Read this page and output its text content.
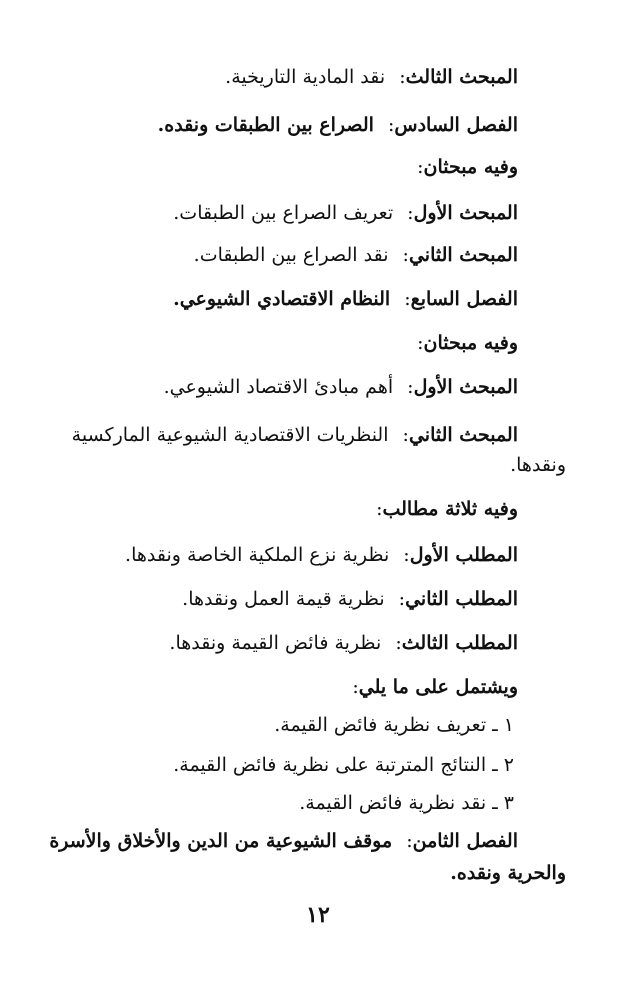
المبحث الثالث: نقد المادية التاريخية.
الفصل السادس: الصراع بين الطبقات ونقده.
وفيه مبحثان:
المبحث الأول: تعريف الصراع بين الطبقات.
المبحث الثاني: نقد الصراع بين الطبقات.
الفصل السابع: النظام الاقتصادي الشيوعي.
وفيه مبحثان:
المبحث الأول: أهم مبادئ الاقتصاد الشيوعي.
المبحث الثاني: النظريات الاقتصادية الشيوعية الماركسية
ونقدها.
وفيه ثلاثة مطالب:
المطلب الأول: نظرية نزع الملكية الخاصة ونقدها.
المطلب الثاني: نظرية قيمة العمل ونقدها.
المطلب الثالث: نظرية فائض القيمة ونقدها.
ويشتمل على ما يلي:
١ ـ تعريف نظرية فائض القيمة.
٢ ـ النتائج المترتبة على نظرية فائض القيمة.
٣ ـ نقد نظرية فائض القيمة.
الفصل الثامن: موقف الشيوعية من الدين والأخلاق والأسرة
والحرية ونقده.
١٢
